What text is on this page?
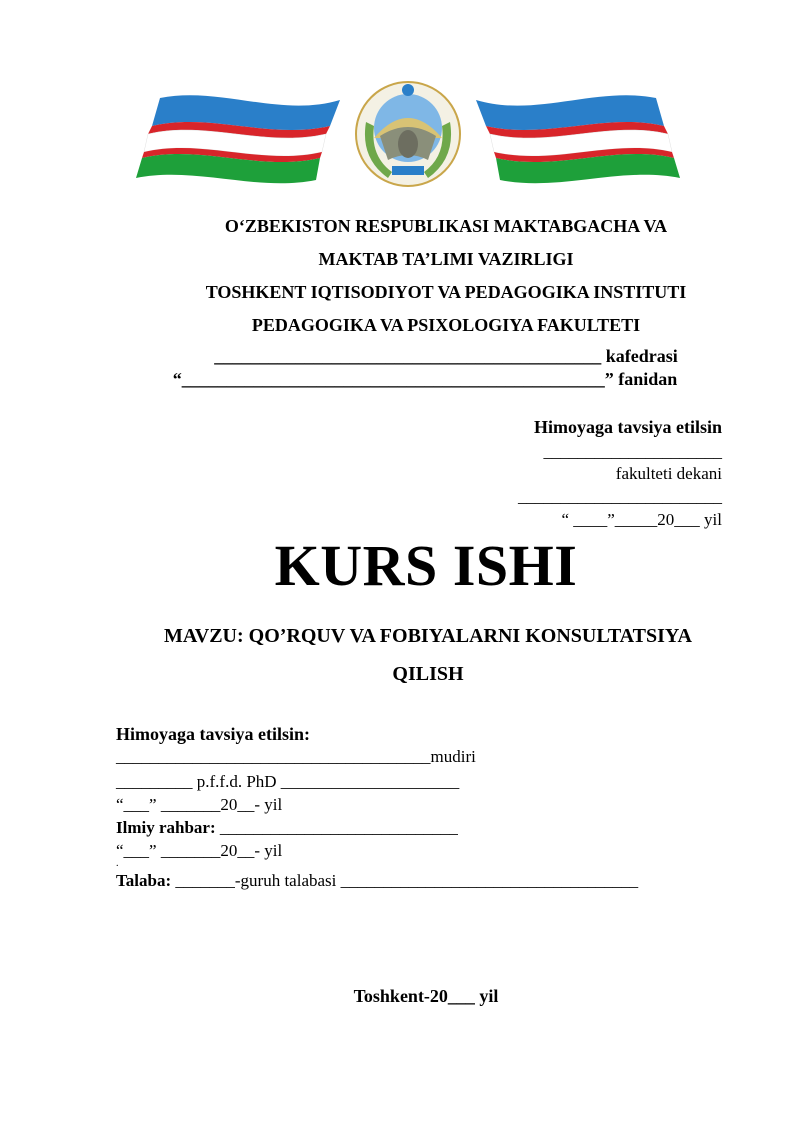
O‘ZBEKISTON RESPUBLIKASI MAKTABGACHA VA
MAKTAB TA’LIMI VAZIRLIGI
TOSHKENT IQTISODIYOT VA PEDAGOGIKA INSTITUTI
PEDAGOGIKA VA PSIXOLOGIYA FAKULTETI
___________________________________________ kafedrasi
“_______________________________________________” fanidan
Himoyaga tavsiya etilsin
_____________________
fakulteti dekani
________________________
“ ____”_____20___ yil
KURS ISHI
MAVZU: QO’RQUV VA FOBIYALARNI KONSULTATSIYA
QILISH
Himoyaga tavsiya etilsin:
_____________________________________mudiri
_________ p.f.f.d. PhD _____________________
“___” _______20__- yil
Ilmiy rahbar: ____________________________
“___” _______20__- yil
.
Talaba: _______-guruh talabasi ___________________________________
Toshkent-20___ yil
